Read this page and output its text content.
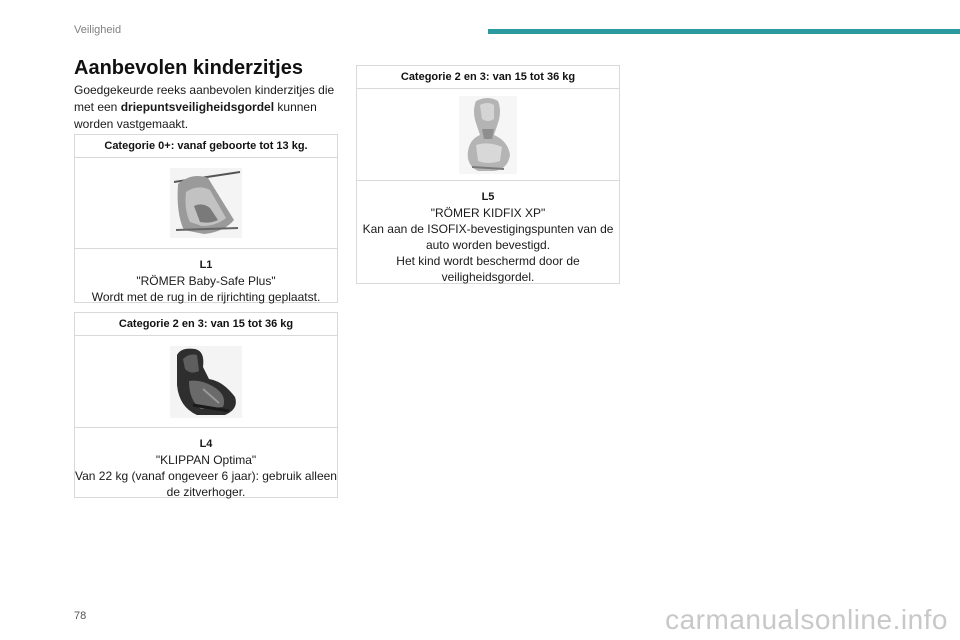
Veiligheid
Aanbevolen kinderzitjes

Goedgekeurde reeks aanbevolen kinderzitjes die met een driepuntsveiligheidsgordel kunnen worden vastgemaakt.

Categorie 0+: vanaf geboorte tot 13 kg.
L1
"RÖMER Baby-Safe Plus"
Wordt met de rug in de rijrichting geplaatst.
Categorie 2 en 3: van 15 tot 36 kg
L4
"KLIPPAN Optima"
Van 22 kg (vanaf ongeveer 6 jaar): gebruik alleen de zitverhoger.
Categorie 2 en 3: van 15 tot 36 kg
L5
"RÖMER KIDFIX XP"
Kan aan de ISOFIX-bevestigingspunten van de auto worden bevestigd.
Het kind wordt beschermd door de veiligheidsgordel.
78	carmanualsonline.info
